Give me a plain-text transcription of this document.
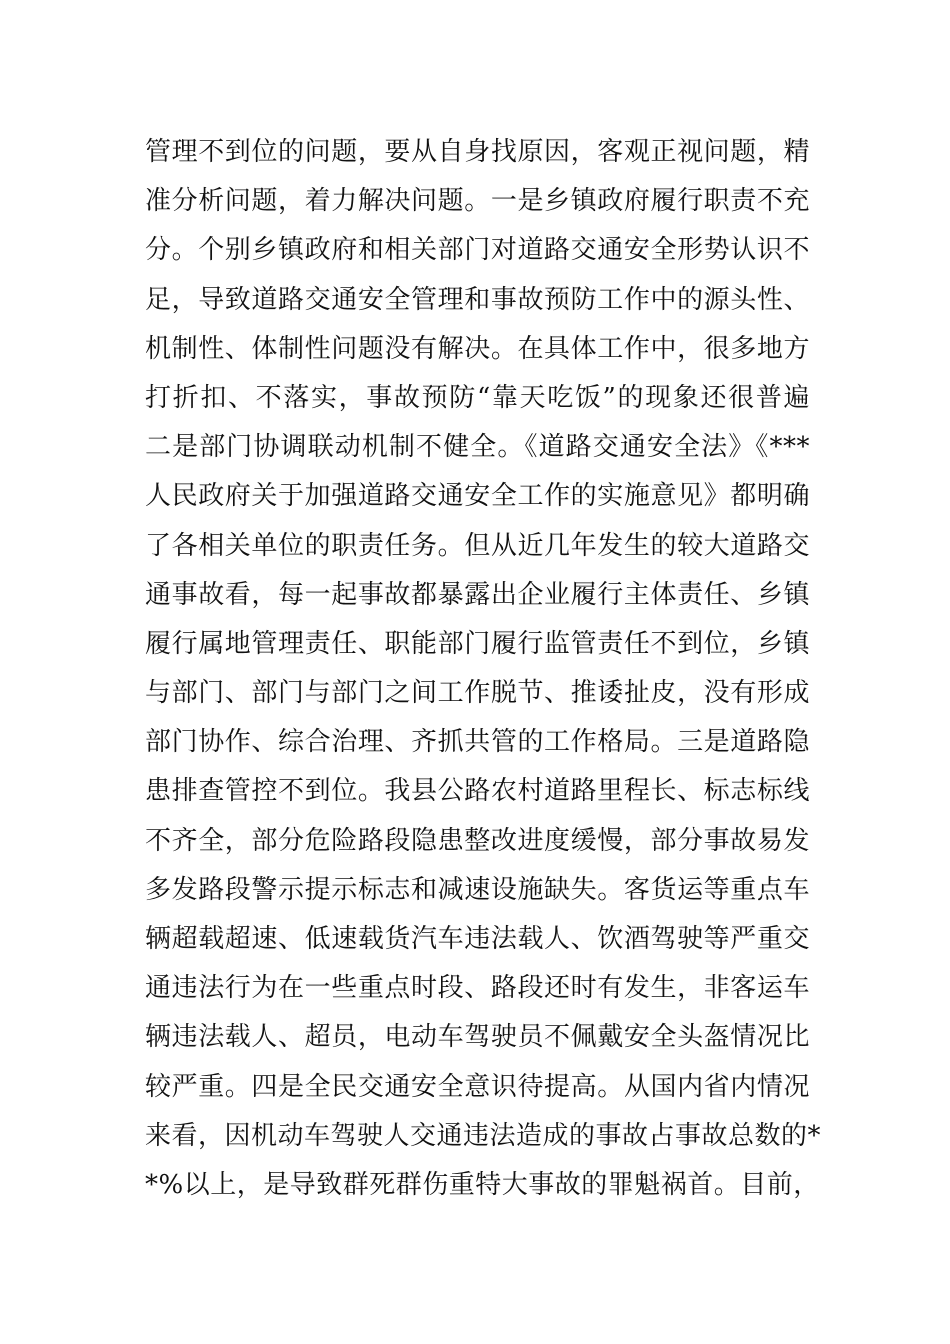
管理不到位的问题，要从自身找原因，客观正视问题，精
准分析问题，着力解决问题。一是乡镇政府履行职责不充
分。个别乡镇政府和相关部门对道路交通安全形势认识不
足，导致道路交通安全管理和事故预防工作中的源头性、
机制性、体制性问题没有解决。在具体工作中，很多地方
打折扣、不落实，事故预防“靠天吃饭”的现象还很普遍
二是部门协调联动机制不健全。《道路交通安全法》《***
人民政府关于加强道路交通安全工作的实施意见》都明确
了各相关单位的职责任务。但从近几年发生的较大道路交
通事故看，每一起事故都暴露出企业履行主体责任、乡镇
履行属地管理责任、职能部门履行监管责任不到位，乡镇
与部门、部门与部门之间工作脱节、推诿扯皮，没有形成
部门协作、综合治理、齐抓共管的工作格局。三是道路隐
患排查管控不到位。我县公路农村道路里程长、标志标线
不齐全，部分危险路段隐患整改进度缓慢，部分事故易发
多发路段警示提示标志和减速设施缺失。客货运等重点车
辆超载超速、低速载货汽车违法载人、饮酒驾驶等严重交
通违法行为在一些重点时段、路段还时有发生，非客运车
辆违法载人、超员，电动车驾驶员不佩戴安全头盔情况比
较严重。四是全民交通安全意识待提高。从国内省内情况
来看，因机动车驾驶人交通违法造成的事故占事故总数的*
*%以上，是导致群死群伤重特大事故的罪魁祸首。目前，
